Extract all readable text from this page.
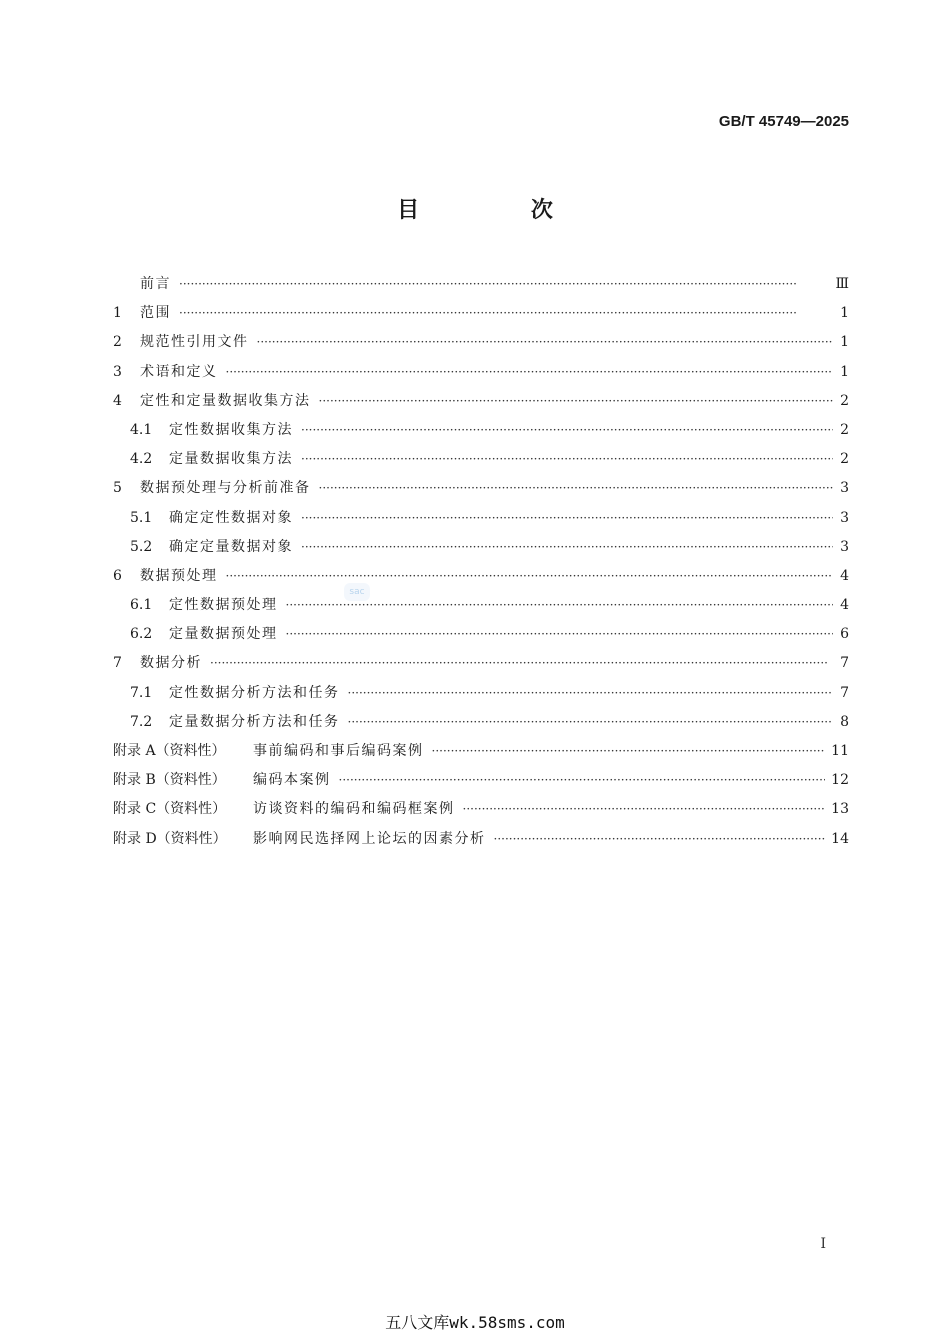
GB/T 45749—2025
目 次
前言 ·····	Ⅲ
1	范围 ·····	1
2	规范性引用文件 ·····	1
3	术语和定义 ·····	1
4	定性和定量数据收集方法 ·····	2
4.1	定性数据收集方法 ·····	2
4.2	定量数据收集方法 ·····	2
5	数据预处理与分析前准备 ·····	3
5.1	确定定性数据对象 ·····	3
5.2	确定定量数据对象 ·····	3
6	数据预处理 ·····	4
6.1	定性数据预处理 ·····	4
6.2	定量数据预处理 ·····	6
7	数据分析 ·····	7
7.1	定性数据分析方法和任务 ·····	7
7.2	定量数据分析方法和任务 ·····	8
附录 A（资料性）	事前编码和事后编码案例 ·····	11
附录 B（资料性）	编码本案例 ·····	12
附录 C（资料性）	访谈资料的编码和编码框案例 ·····	13
附录 D（资料性）	影响网民选择网上论坛的因素分析 ·····	14
sac
I
五八文库wk.58sms.com
